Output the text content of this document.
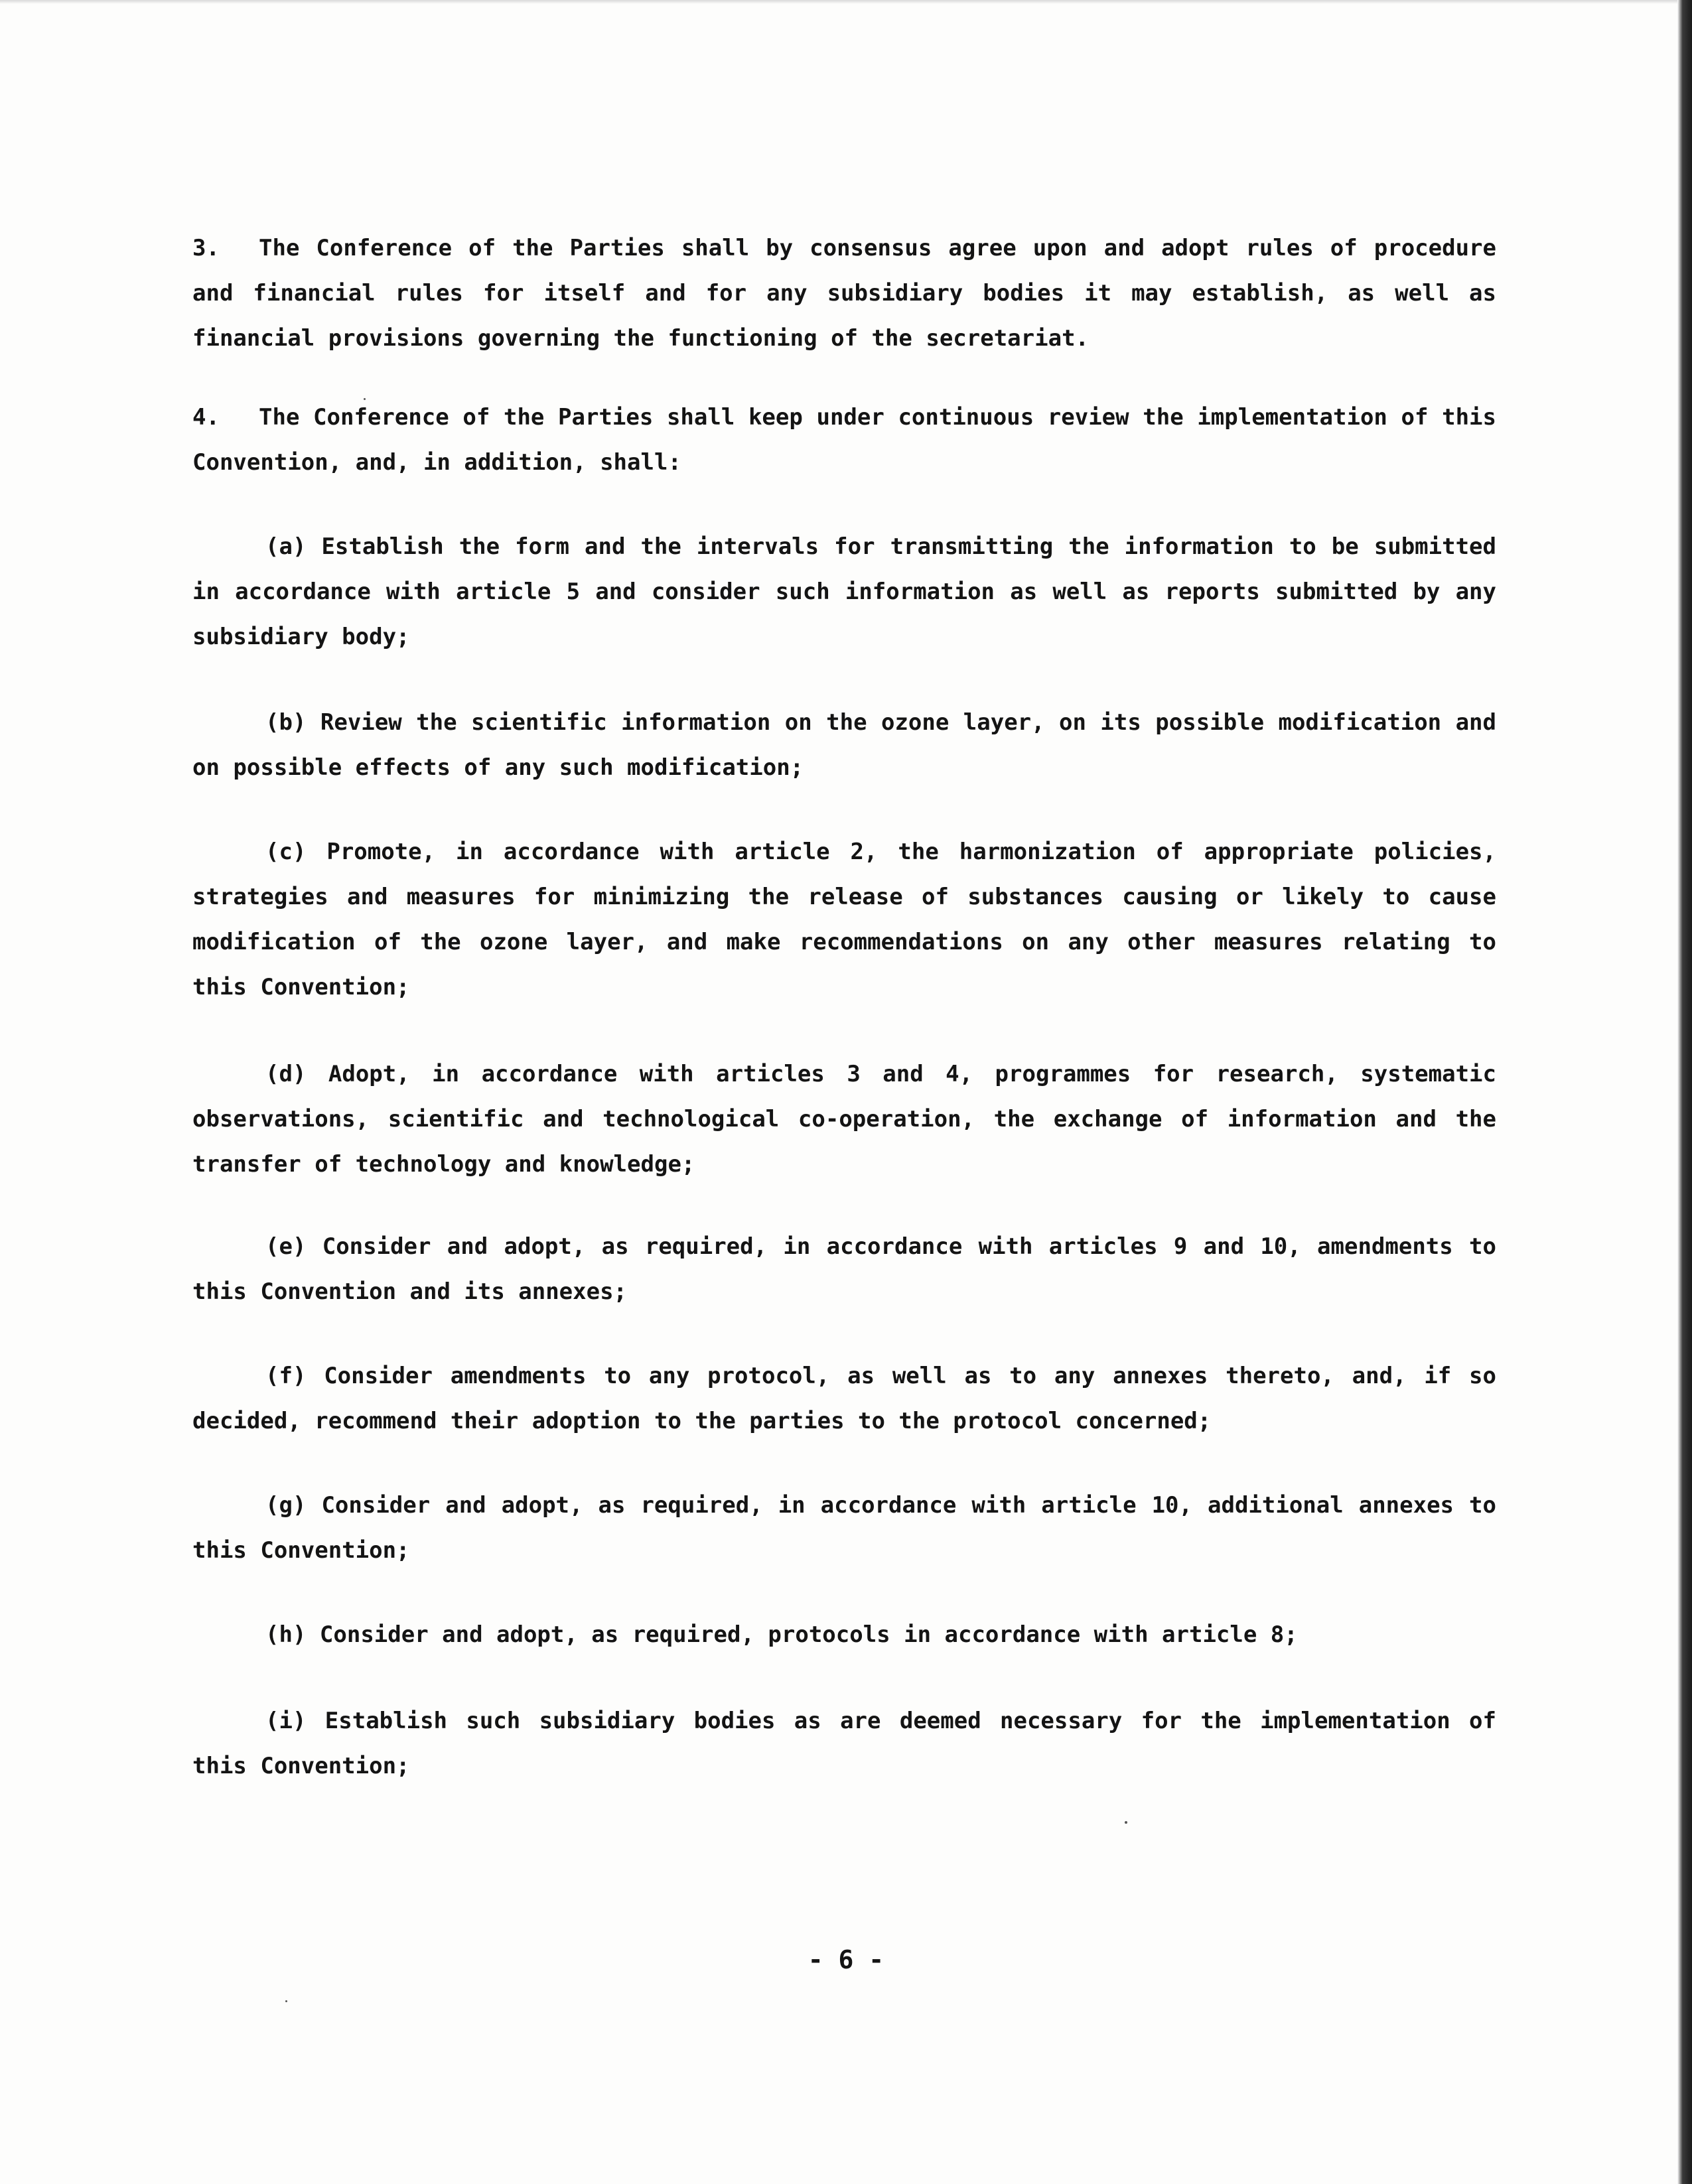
3. The Conference of the Parties shall by consensus agree upon and adopt rules of procedure and financial rules for itself and for any subsidiary bodies it may establish, as well as financial provisions governing the functioning of the secretariat.

4. The Conference of the Parties shall keep under continuous review the implementation of this Convention, and, in addition, shall:

(a) Establish the form and the intervals for transmitting the information to be submitted in accordance with article 5 and consider such information as well as reports submitted by any subsidiary body;

(b) Review the scientific information on the ozone layer, on its possible modification and on possible effects of any such modification;

(c) Promote, in accordance with article 2, the harmonization of appropriate policies, strategies and measures for minimizing the release of substances causing or likely to cause modification of the ozone layer, and make recommendations on any other measures relating to this Convention;

(d) Adopt, in accordance with articles 3 and 4, programmes for research, systematic observations, scientific and technological co-operation, the exchange of information and the transfer of technology and knowledge;

(e) Consider and adopt, as required, in accordance with articles 9 and 10, amendments to this Convention and its annexes;

(f) Consider amendments to any protocol, as well as to any annexes thereto, and, if so decided, recommend their adoption to the parties to the protocol concerned;

(g) Consider and adopt, as required, in accordance with article 10, additional annexes to this Convention;

(h) Consider and adopt, as required, protocols in accordance with article 8;

(i) Establish such subsidiary bodies as are deemed necessary for the implementation of this Convention;

- 6 -
